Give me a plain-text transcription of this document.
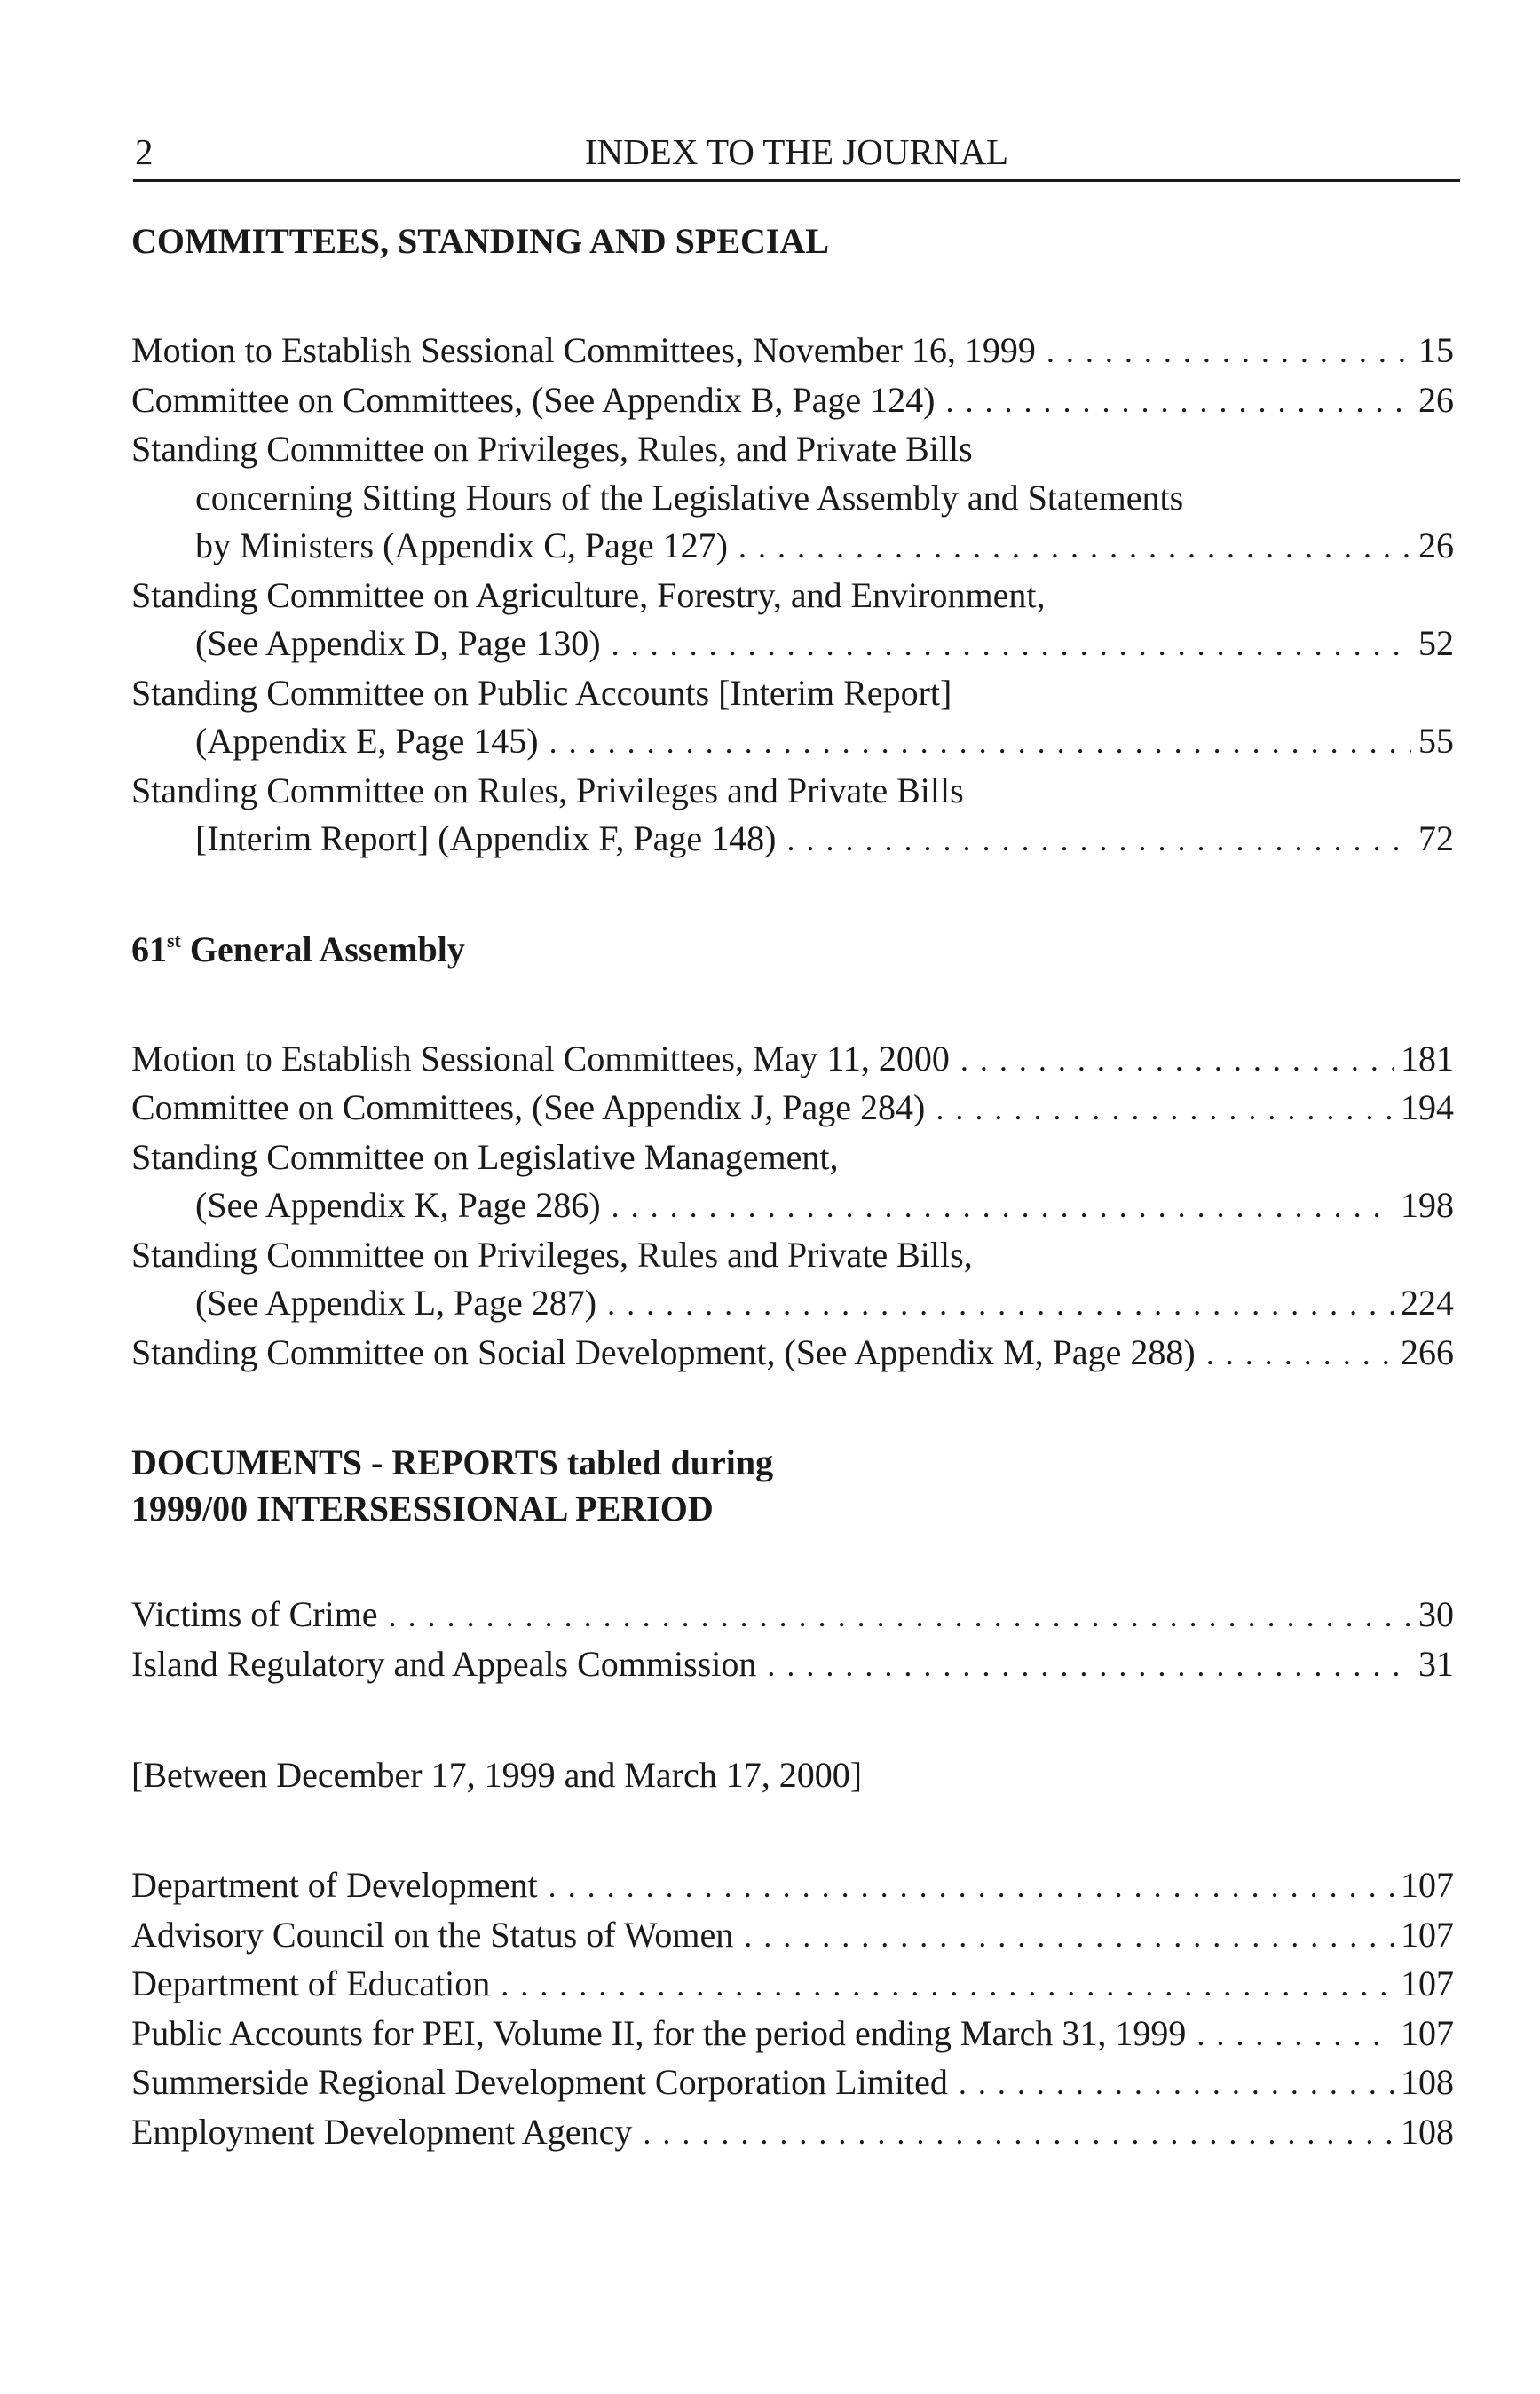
2	INDEX TO THE JOURNAL
COMMITTEES, STANDING AND SPECIAL
Motion to Establish Sessional Committees, November 16, 1999 . . .	15
Committee on Committees, (See Appendix B, Page 124) . . .	26
Standing Committee on Privileges, Rules, and Private Bills
concerning Sitting Hours of the Legislative Assembly and Statements
by Ministers (Appendix C, Page 127) . . .	26
Standing Committee on Agriculture, Forestry, and Environment,
(See Appendix D, Page 130) . . .	52
Standing Committee on Public Accounts [Interim Report]
(Appendix E, Page 145) . . .	55
Standing Committee on Rules, Privileges and Private Bills
[Interim Report] (Appendix F, Page 148) . . .	72
61st General Assembly
Motion to Establish Sessional Committees, May 11, 2000 . . .	181
Committee on Committees, (See Appendix J, Page 284) . . .	194
Standing Committee on Legislative Management,
(See Appendix K, Page 286) . . .	198
Standing Committee on Privileges, Rules and Private Bills,
(See Appendix L, Page 287) . . .	224
Standing Committee on Social Development, (See Appendix M, Page 288) . . .	266
DOCUMENTS - REPORTS tabled during
1999/00 INTERSESSIONAL PERIOD
Victims of Crime . . .	30
Island Regulatory and Appeals Commission . . .	31
[Between December 17, 1999 and March 17, 2000]
Department of Development . . .	107
Advisory Council on the Status of Women . . .	107
Department of Education . . .	107
Public Accounts for PEI, Volume II, for the period ending March 31, 1999 . . .	107
Summerside Regional Development Corporation Limited . . .	108
Employment Development Agency . . .	108
